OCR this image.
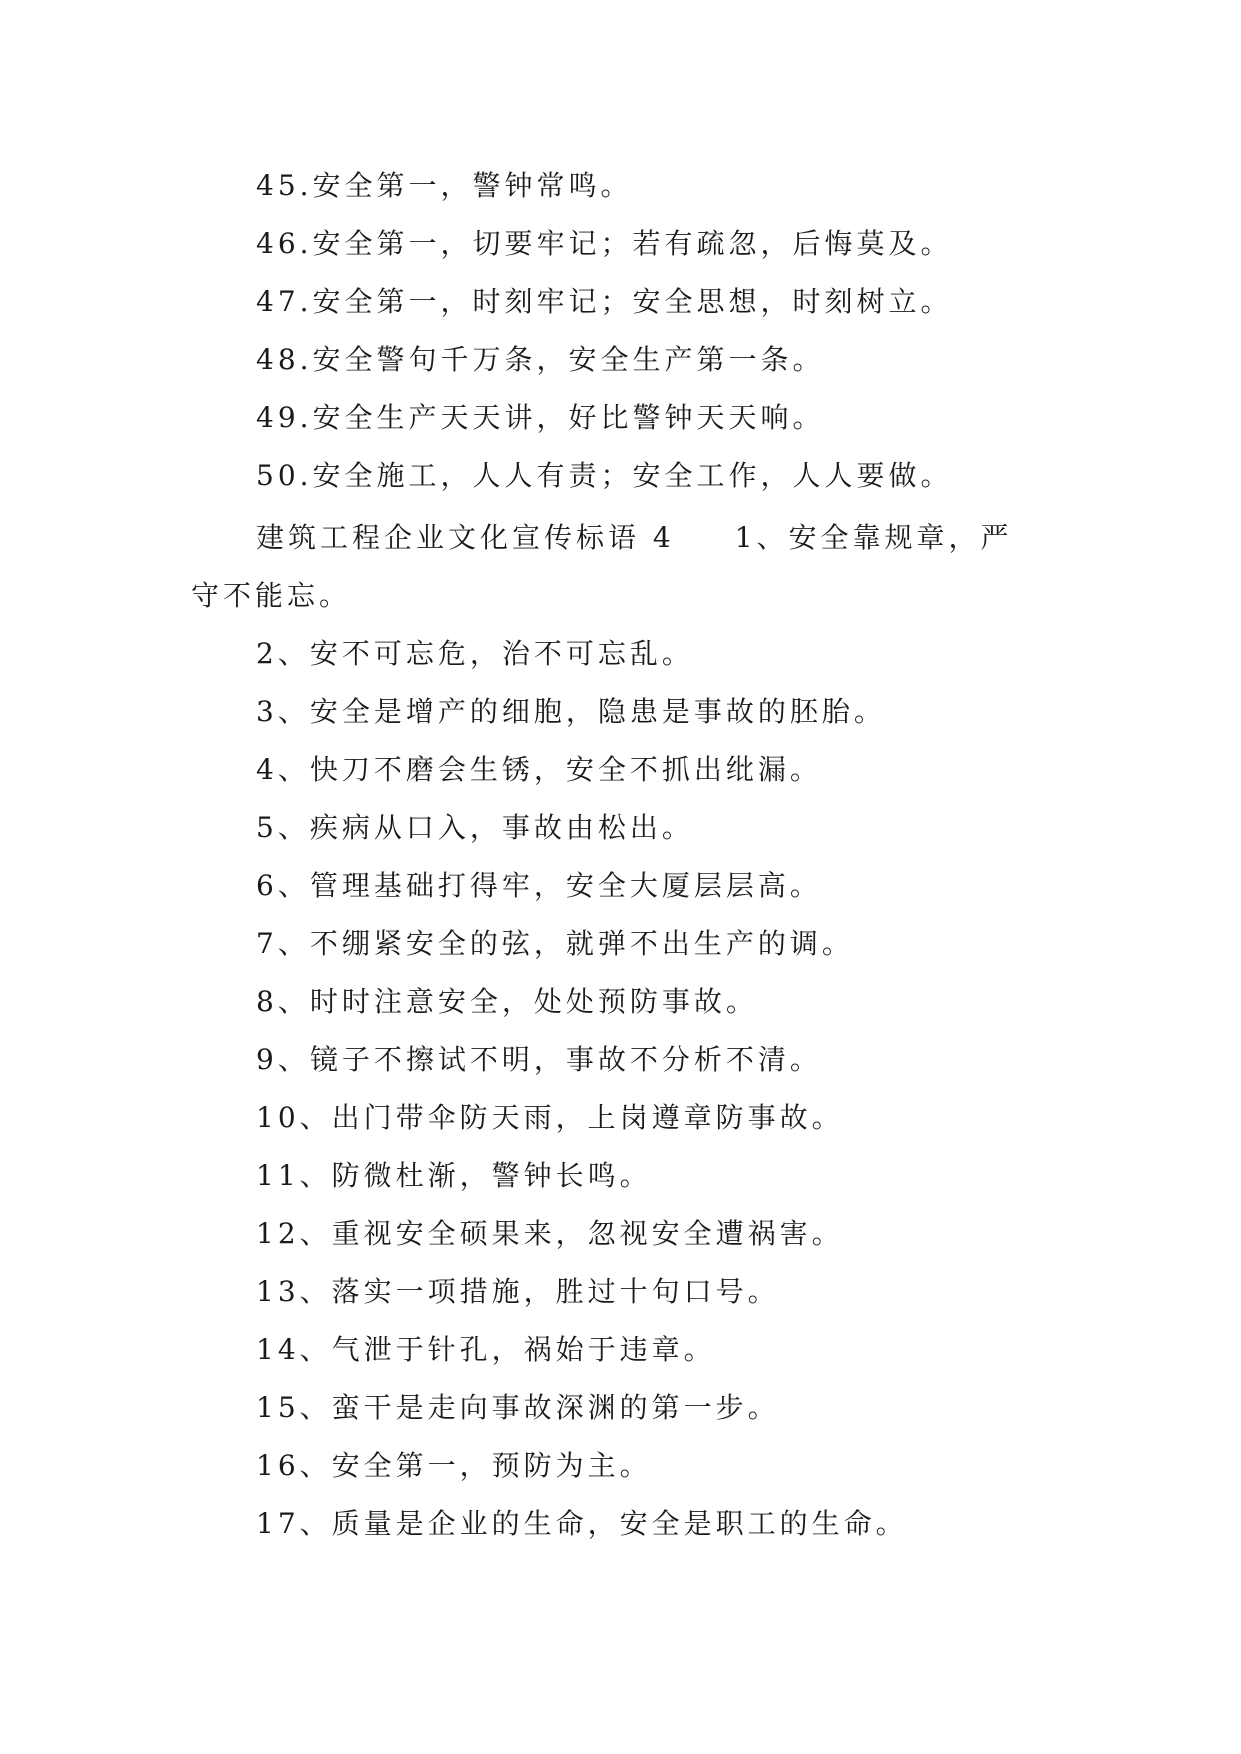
45.安全第一，警钟常鸣。
46.安全第一，切要牢记；若有疏忽，后悔莫及。
47.安全第一，时刻牢记；安全思想，时刻树立。
48.安全警句千万条，安全生产第一条。
49.安全生产天天讲，好比警钟天天响。
50.安全施工，人人有责；安全工作，人人要做。
建筑工程企业文化宣传标语 4 1、安全靠规章，严
守不能忘。
2、安不可忘危，治不可忘乱。
3、安全是增产的细胞，隐患是事故的胚胎。
4、快刀不磨会生锈，安全不抓出纰漏。
5、疾病从口入，事故由松出。
6、管理基础打得牢，安全大厦层层高。
7、不绷紧安全的弦，就弹不出生产的调。
8、时时注意安全，处处预防事故。
9、镜子不擦试不明，事故不分析不清。
10、出门带伞防天雨，上岗遵章防事故。
11、防微杜渐，警钟长鸣。
12、重视安全硕果来，忽视安全遭祸害。
13、落实一项措施，胜过十句口号。
14、气泄于针孔，祸始于违章。
15、蛮干是走向事故深渊的第一步。
16、安全第一，预防为主。
17、质量是企业的生命，安全是职工的生命。
